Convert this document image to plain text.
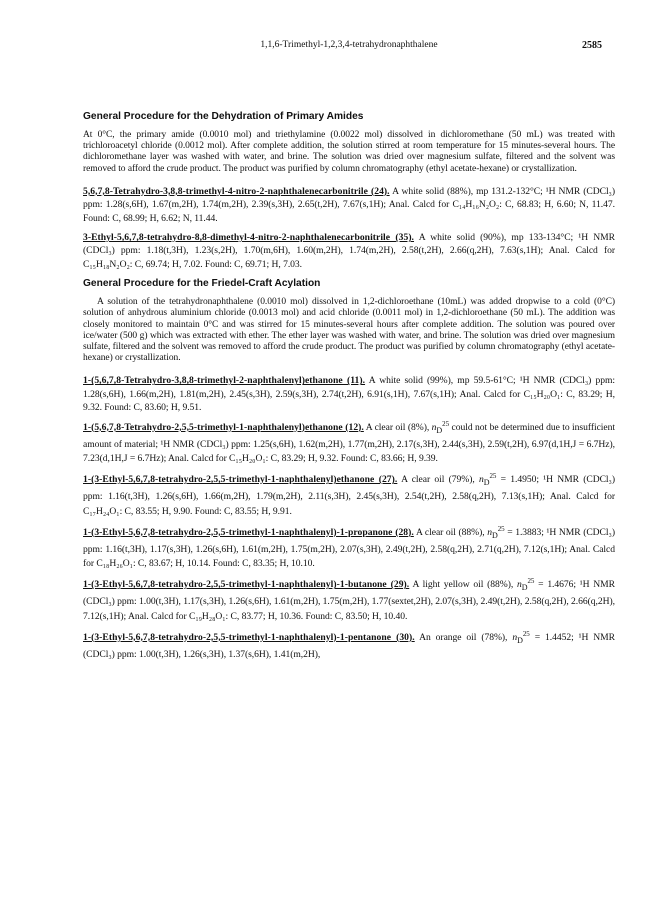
1,1,6-Trimethyl-1,2,3,4-tetrahydronaphthalene	2585
General Procedure for the Dehydration of Primary Amides

At 0°C, the primary amide (0.0010 mol) and triethylamine (0.0022 mol) dissolved in dichloromethane (50 mL) was treated with trichloroacetyl chloride (0.0012 mol). After complete addition, the solution stirred at room temperature for 15 minutes-several hours. The dichloromethane layer was washed with water, and brine. The solution was dried over magnesium sulfate, filtered and the solvent was removed to afford the crude product. The product was purified by column chromatography (ethyl acetate-hexane) or crystallization.

5,6,7,8-Tetrahydro-3,8,8-trimethyl-4-nitro-2-naphthalenecarbonitrile (24). A white solid (88%), mp 131.2-132°C; ¹H NMR (CDCl₃) ppm: 1.28(s,6H), 1.67(m,2H), 1.74(m,2H), 2.39(s,3H), 2.65(t,2H), 7.67(s,1H); Anal. Calcd for C₁₄H₁₆N₂O₂: C, 68.83; H, 6.60; N, 11.47. Found: C, 68.99; H, 6.62; N, 11.44.

3-Ethyl-5,6,7,8-tetrahydro-8,8-dimethyl-4-nitro-2-naphthalenecarbonitrile (35). A white solid (90%), mp 133-134°C; ¹H NMR (CDCl₃) ppm: 1.18(t,3H), 1.23(s,2H), 1.70(m,6H), 1.60(m,2H), 1.74(m,2H), 2.58(t,2H), 2.66(q,2H), 7.63(s,1H); Anal. Calcd for C₁₅H₁₈N₂O₂: C, 69.74; H, 7.02. Found: C, 69.71; H, 7.03.

General Procedure for the Friedel-Craft Acylation

A solution of the tetrahydronaphthalene (0.0010 mol) dissolved in 1,2-dichloroethane (10mL) was added dropwise to a cold (0°C) solution of anhydrous aluminium chloride (0.0013 mol) and acid chloride (0.0011 mol) in 1,2-dichloroethane (50 mL). The addition was closely monitored to maintain 0°C and was stirred for 15 minutes-several hours after complete addition. The solution was poured over ice/water (500 g) which was extracted with ether. The ether layer was washed with water, and brine. The solution was dried over magnesium sulfate, filtered and the solvent was removed to afford the crude product. The product was purified by column chromatography (ethyl acetate-hexane) or crystallization.

1-(5,6,7,8-Tetrahydro-3,8,8-trimethyl-2-naphthalenyl)ethanone (11). A white solid (99%), mp 59.5-61°C; ¹H NMR (CDCl₃) ppm: 1.28(s,6H), 1.66(m,2H), 1.81(m,2H), 2.45(s,3H), 2.59(s,3H), 2.74(t,2H), 6.91(s,1H), 7.67(s,1H); Anal. Calcd for C₁₅H₂₀O₁: C, 83.29; H, 9.32. Found: C, 83.60; H, 9.51.

1-(5,6,7,8-Tetrahydro-2,5,5-trimethyl-1-naphthalenyl)ethanone (12). A clear oil (8%), $n_D^{25}$ could not be determined due to insufficient amount of material; ¹H NMR (CDCl₃) ppm: 1.25(s,6H), 1.62(m,2H), 1.77(m,2H), 2.17(s,3H), 2.44(s,3H), 2.59(t,2H), 6.97(d,1H,J = 6.7Hz), 7.23(d,1H,J = 6.7Hz); Anal. Calcd for C₁₅H₂₀O₁: C, 83.29; H, 9.32. Found: C, 83.66; H, 9.39.

1-(3-Ethyl-5,6,7,8-tetrahydro-2,5,5-trimethyl-1-naphthalenyl)ethanone (27). A clear oil (79%), $n_D^{25} = 1.4950$; ¹H NMR (CDCl₃) ppm: 1.16(t,3H), 1.26(s,6H), 1.66(m,2H), 1.79(m,2H), 2.11(s,3H), 2.45(s,3H), 2.54(t,2H), 2.58(q,2H), 7.13(s,1H); Anal. Calcd for C₁₇H₂₄O₁: C, 83.55; H, 9.90. Found: C, 83.55; H, 9.91.

1-(3-Ethyl-5,6,7,8-tetrahydro-2,5,5-trimethyl-1-naphthalenyl)-1-propanone (28). A clear oil (88%), $n_D^{25} = 1.3883$; ¹H NMR (CDCl₃) ppm: 1.16(t,3H), 1.17(s,3H), 1.26(s,6H), 1.61(m,2H), 1.75(m,2H), 2.07(s,3H), 2.49(t,2H), 2.58(q,2H), 2.71(q,2H), 7.12(s,1H); Anal. Calcd for C₁₈H₂₆O₁: C, 83.67; H, 10.14. Found: C, 83.35; H, 10.10.

1-(3-Ethyl-5,6,7,8-tetrahydro-2,5,5-trimethyl-1-naphthalenyl)-1-butanone (29). A light yellow oil (88%), $n_D^{25} = 1.4676$; ¹H NMR (CDCl₃) ppm: 1.00(t,3H), 1.17(s,3H), 1.26(s,6H), 1.61(m,2H), 1.75(m,2H), 1.77(sextet,2H), 2.07(s,3H), 2.49(t,2H), 2.58(q,2H), 2.66(q,2H), 7.12(s,1H); Anal. Calcd for C₁₉H₂₈O₁: C, 83.77; H, 10.36. Found: C, 83.50; H, 10.40.

1-(3-Ethyl-5,6,7,8-tetrahydro-2,5,5-trimethyl-1-naphthalenyl)-1-pentanone (30). An orange oil (78%), $n_D^{25} = 1.4452$; ¹H NMR (CDCl₃) ppm: 1.00(t,3H), 1.26(s,3H), 1.37(s,6H), 1.41(m,2H),
